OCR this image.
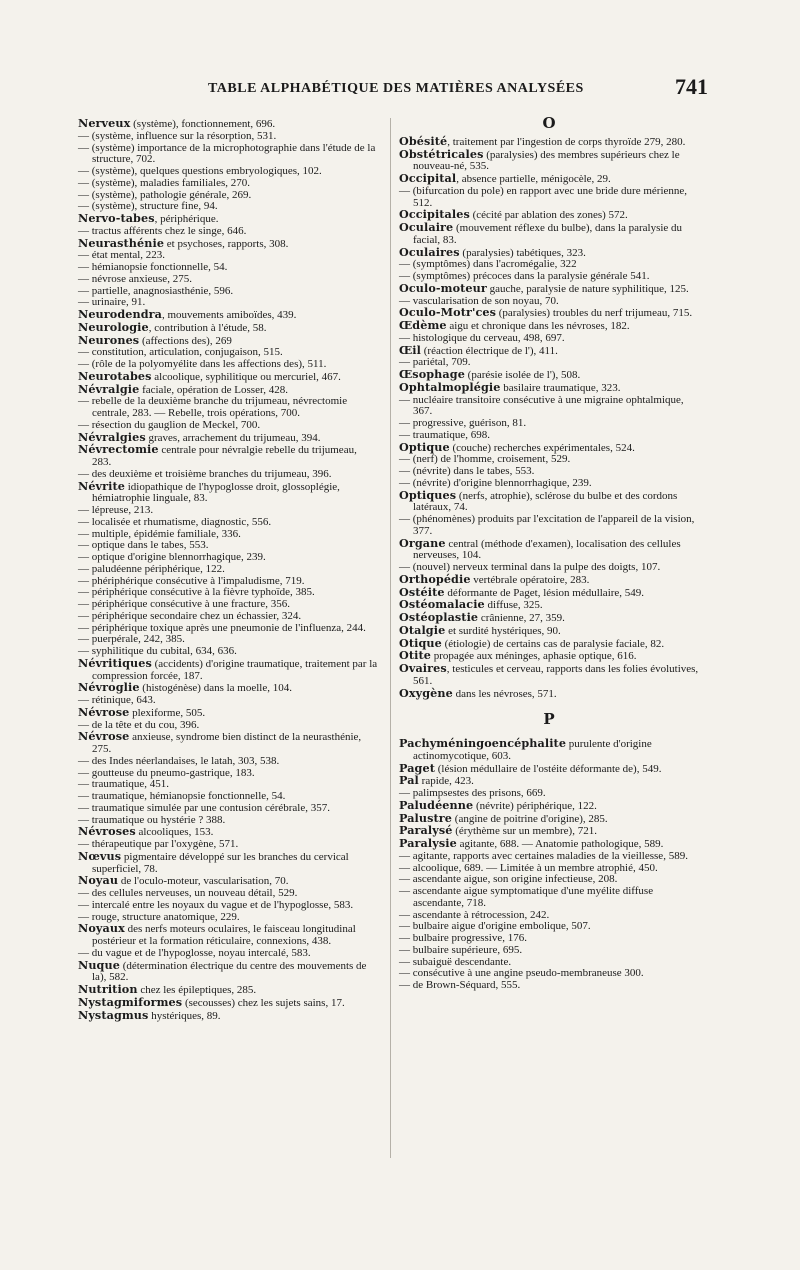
TABLE ALPHABÉTIQUE DES MATIÈRES ANALYSÉES	741

Nerveux (système), fonctionnement, 696.

— (système, influence sur la résorption, 531.

— (système) importance de la microphotographie dans l'étude de la structure, 702.

— (système), quelques questions embryologiques, 102.

— (système), maladies familiales, 270.

— (système), pathologie générale, 269.

— (système), structure fine, 94.

Nervo-tabes, périphérique.

— tractus afférents chez le singe, 646.

Neurasthénie et psychoses, rapports, 308.

— état mental, 223.

— hémianopsie fonctionnelle, 54.

— névrose anxieuse, 275.

— partielle, anagnosiasthénie, 596.

— urinaire, 91.

Neurodendra, mouvements amiboïdes, 439.

Neurologie, contribution à l'étude, 58.

Neurones (affections des), 269

— constitution, articulation, conjugaison, 515.

— (rôle de la polyomyélite dans les affections des), 511.

Neurotabes alcoolique, syphilitique ou mercuriel, 467.

Névralgie faciale, opération de Losser, 428.

— rebelle de la deuxième branche du trijumeau, névrectomie centrale, 283. — Rebelle, trois opérations, 700.

— résection du gauglion de Meckel, 700.

Névralgies graves, arrachement du trijumeau, 394.

Névrectomie centrale pour névralgie rebelle du trijumeau, 283.

— des deuxième et troisième branches du trijumeau, 396.

Névrite idiopathique de l'hypoglosse droit, glossoplégie, hémiatrophie linguale, 83.

— lépreuse, 213.

— localisée et rhumatisme, diagnostic, 556.

— multiple, épidémie familiale, 336.

— optique dans le tabes, 553.

— optique d'origine blennorrhagique, 239.

— paludéenne périphérique, 122.

— phériphérique consécutive à l'impaludisme, 719.

— périphérique consécutive à la fièvre typhoïde, 385.

— périphérique consécutive à une fracture, 356.

— périphérique secondaire chez un échassier, 324.

— périphérique toxique après une pneumonie de l'influenza, 244.

— puerpérale, 242, 385.

— syphilitique du cubital, 634, 636.

Névritiques (accidents) d'origine traumatique, traitement par la compression forcée, 187.

Névroglie (histogénèse) dans la moelle, 104.

— rétinique, 643.

Névrose plexiforme, 505.

— de la tête et du cou, 396.

Névrose anxieuse, syndrome bien distinct de la neurasthénie, 275.

— des Indes néerlandaises, le latah, 303, 538.

— goutteuse du pneumo-gastrique, 183.

— traumatique, 451.

— traumatique, hémianopsie fonctionnelle, 54.

— traumatique simulée par une contusion cérébrale, 357.

— traumatique ou hystérie ? 388.

Névroses alcooliques, 153.

— thérapeutique par l'oxygène, 571.

Nœvus pigmentaire développé sur les branches du cervical superficiel, 78.

Noyau de l'oculo-moteur, vascularisation, 70.

— des cellules nerveuses, un nouveau détail, 529.

— intercalé entre les noyaux du vague et de l'hypoglosse, 583.

— rouge, structure anatomique, 229.

Noyaux des nerfs moteurs oculaires, le faisceau longitudinal postérieur et la formation réticulaire, connexions, 438.

— du vague et de l'hypoglosse, noyau intercalé, 583.

Nuque (détermination électrique du centre des mouvements de la), 582.

Nutrition chez les épileptiques, 285.

Nystagmiformes (secousses) chez les sujets sains, 17.

Nystagmus hystériques, 89.

O

Obésité, traitement par l'ingestion de corps thyroïde 279, 280.

Obstétricales (paralysies) des membres supérieurs chez le nouveau-né, 535.

Occipital, absence partielle, ménigocèle, 29.

— (bifurcation du pole) en rapport avec une bride dure mérienne, 512.

Occipitales (cécité par ablation des zones) 572.

Oculaire (mouvement réflexe du bulbe), dans la paralysie du facial, 83.

Oculaires (paralysies) tabétiques, 323.

— (symptômes) dans l'acromégalie, 322

— (symptômes) précoces dans la paralysie générale 541.

Oculo-moteur gauche, paralysie de nature syphilitique, 125.

— vascularisation de son noyau, 70.

Oculo-Motr'ces (paralysies) troubles du nerf trijumeau, 715.

Œdème aigu et chronique dans les névroses, 182.

— histologique du cerveau, 498, 697.

Œil (réaction électrique de l'), 411.

— pariétal, 709.

Œsophage (parésie isolée de l'), 508.

Ophtalmoplégie basilaire traumatique, 323.

— nucléaire transitoire consécutive à une migraine ophtalmique, 367.

— progressive, guérison, 81.

— traumatique, 698.

Optique (couche) recherches expérimentales, 524.

— (nerf) de l'homme, croisement, 529.

— (névrite) dans le tabes, 553.

— (névrite) d'origine blennorrhagique, 239.

Optiques (nerfs, atrophie), sclérose du bulbe et des cordons latéraux, 74.

— (phénomènes) produits par l'excitation de l'appareil de la vision, 377.

Organe central (méthode d'examen), localisation des cellules nerveuses, 104.

— (nouvel) nerveux terminal dans la pulpe des doigts, 107.

Orthopédie vertébrale opératoire, 283.

Ostéite déformante de Paget, lésion médullaire, 549.

Ostéomalacie diffuse, 325.

Ostéoplastie crânienne, 27, 359.

Otalgie et surdité hystériques, 90.

Otique (étiologie) de certains cas de paralysie faciale, 82.

Otite propagée aux méninges, aphasie optique, 616.

Ovaires, testicules et cerveau, rapports dans les folies évolutives, 561.

Oxygène dans les névroses, 571.

P

Pachyméningoencéphalite purulente d'origine actinomycotique, 603.

Paget (lésion médullaire de l'ostéite déformante de), 549.

Pal rapide, 423.

— palimpsestes des prisons, 669.

Paludéenne (névrite) périphérique, 122.

Palustre (angine de poitrine d'origine), 285.

Paralysé (érythème sur un membre), 721.

Paralysie agitante, 688. — Anatomie pathologique, 589.

— agitante, rapports avec certaines maladies de la vieillesse, 589.

— alcoolique, 689. — Limitée à un membre atrophié, 450.

— ascendante aigue, son origine infectieuse, 208.

— ascendante aigue symptomatique d'une myélite diffuse ascendante, 718.

— ascendante à rétrocession, 242.

— bulbaire aigue d'origine embolique, 507.

— bulbaire progressive, 176.

— bulbaire supérieure, 695.

— subaiguë descendante.

— consécutive à une angine pseudo-membraneuse 300.

— de Brown-Séquard, 555.
